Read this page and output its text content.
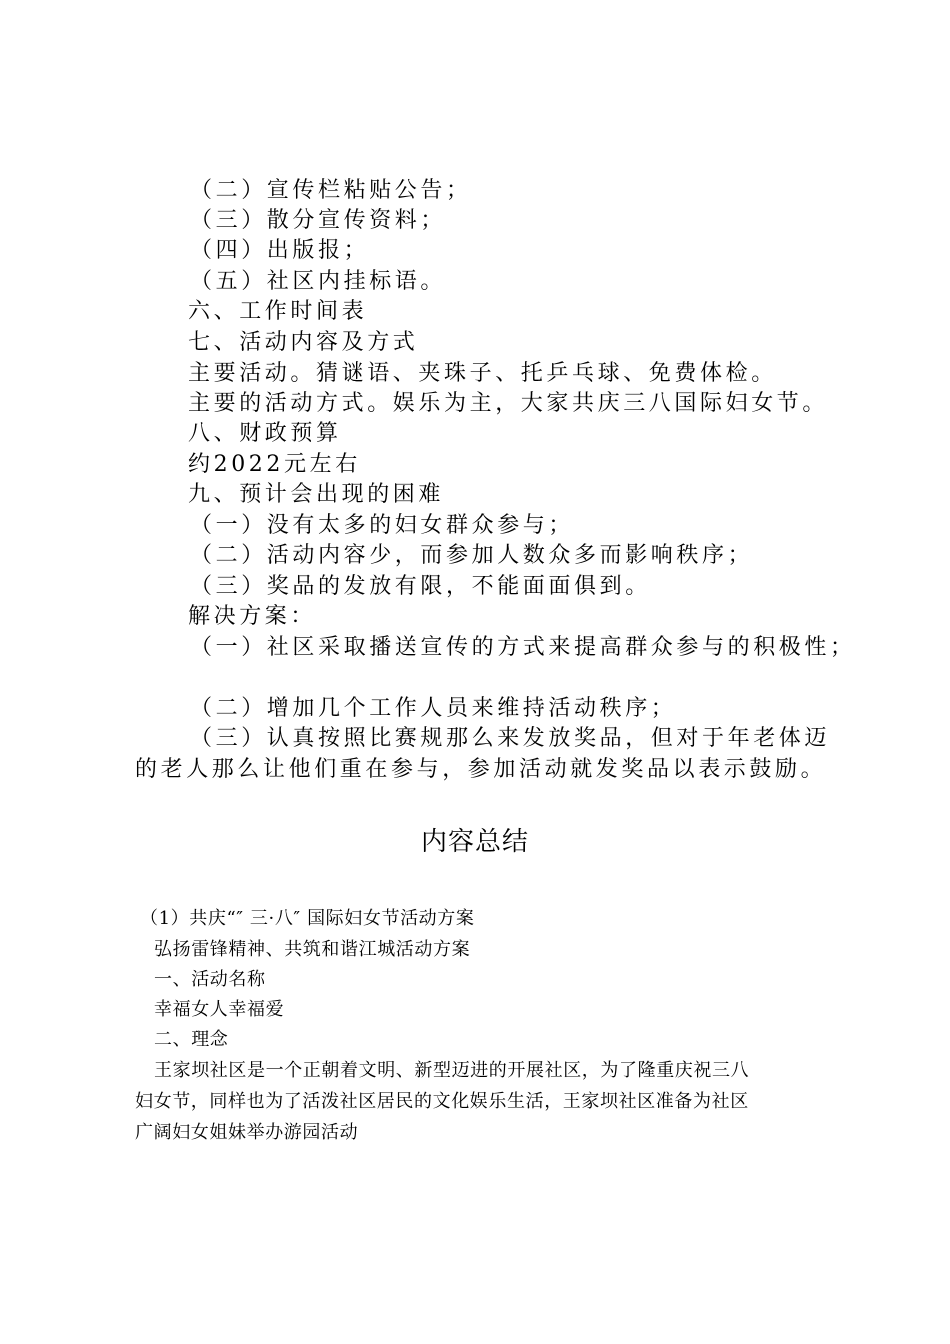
（二）宣传栏粘贴公告；
（三）散分宣传资料；
（四）出版报；
（五）社区内挂标语。
六、工作时间表
七、活动内容及方式
主要活动。猜谜语、夹珠子、托乒乓球、免费体检。
主要的活动方式。娱乐为主，大家共庆三八国际妇女节。
八、财政预算
约2022元左右
九、预计会出现的困难
（一）没有太多的妇女群众参与；
（二）活动内容少，而参加人数众多而影响秩序；
（三）奖品的发放有限，不能面面俱到。
解决方案：
（一）社区采取播送宣传的方式来提高群众参与的积极性；
（二）增加几个工作人员来维持活动秩序；
（三）认真按照比赛规那么来发放奖品，但对于年老体迈
的老人那么让他们重在参与，参加活动就发奖品以表示鼓励。
内容总结
（1）共庆“″ 三·八″ 国际妇女节活动方案
弘扬雷锋精神、共筑和谐江城活动方案
一、活动名称
幸福女人幸福爱
二、理念
王家坝社区是一个正朝着文明、新型迈进的开展社区，为了隆重庆祝三八
妇女节，同样也为了活泼社区居民的文化娱乐生活，王家坝社区准备为社区
广阔妇女姐妹举办游园活动
